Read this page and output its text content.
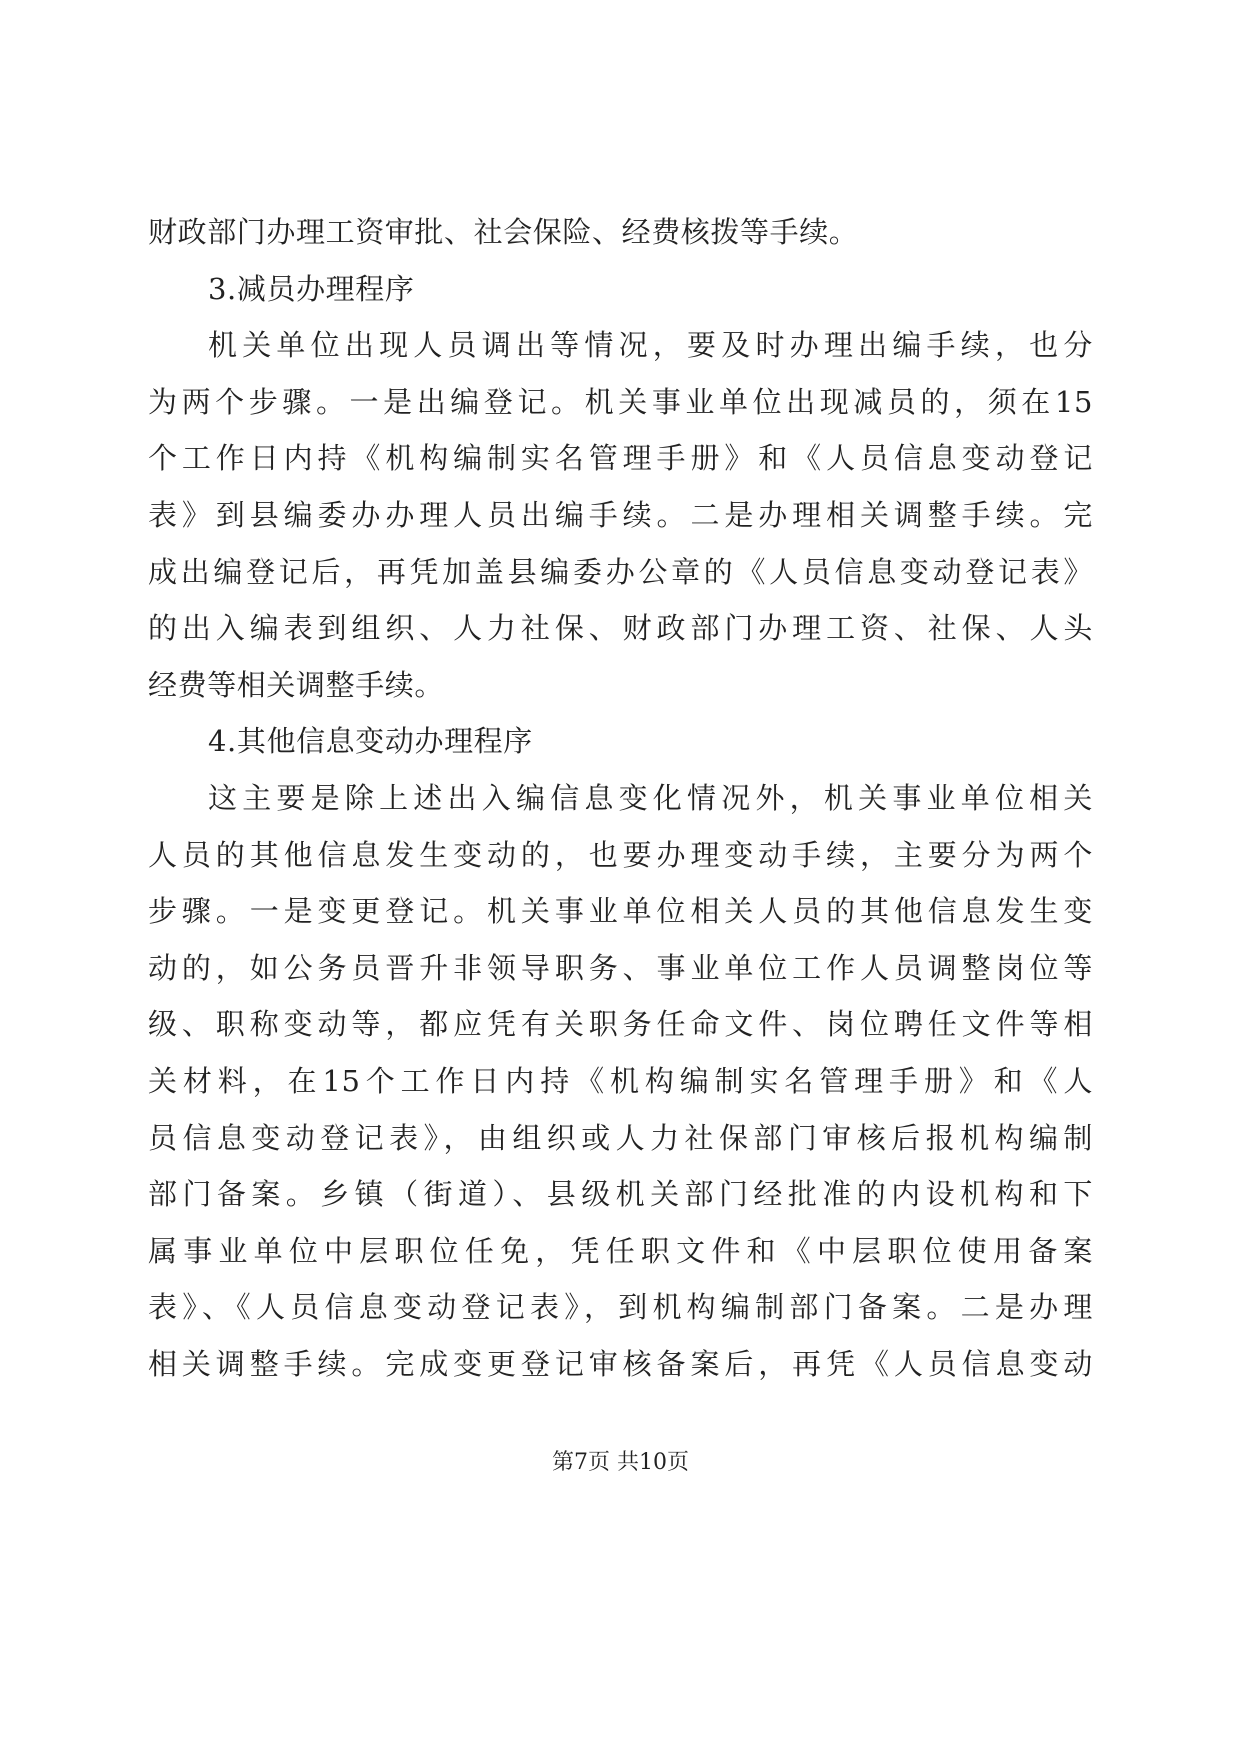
财政部门办理工资审批、社会保险、经费核拨等手续。
3.减员办理程序
机关单位出现人员调出等情况，要及时办理出编手续，也分
为两个步骤。一是出编登记。机关事业单位出现减员的，须在15
个工作日内持《机构编制实名管理手册》和《人员信息变动登记
表》到县编委办办理人员出编手续。二是办理相关调整手续。完
成出编登记后，再凭加盖县编委办公章的《人员信息变动登记表》
的出入编表到组织、人力社保、财政部门办理工资、社保、人头
经费等相关调整手续。
4.其他信息变动办理程序
这主要是除上述出入编信息变化情况外，机关事业单位相关
人员的其他信息发生变动的，也要办理变动手续，主要分为两个
步骤。一是变更登记。机关事业单位相关人员的其他信息发生变
动的，如公务员晋升非领导职务、事业单位工作人员调整岗位等
级、职称变动等，都应凭有关职务任命文件、岗位聘任文件等相
关材料，在15个工作日内持《机构编制实名管理手册》和《人
员信息变动登记表》，由组织或人力社保部门审核后报机构编制
部门备案。乡镇（街道）、县级机关部门经批准的内设机构和下
属事业单位中层职位任免，凭任职文件和《中层职位使用备案
表》、《人员信息变动登记表》，到机构编制部门备案。二是办理
相关调整手续。完成变更登记审核备案后，再凭《人员信息变动
第7页 共10页
